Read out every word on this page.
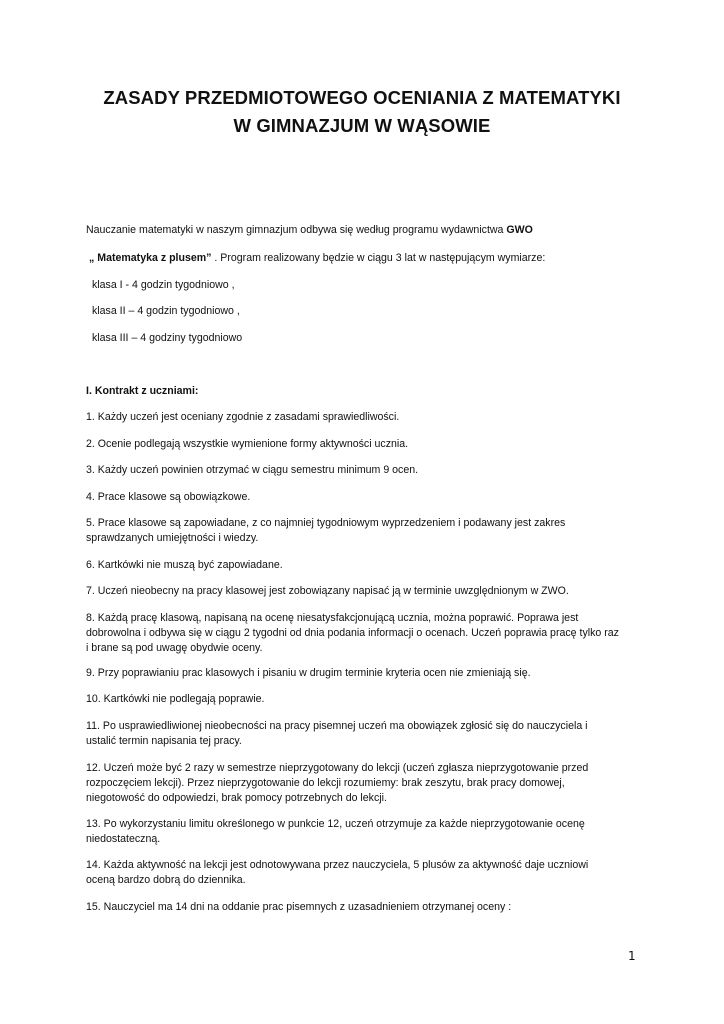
ZASADY PRZEDMIOTOWEGO OCENIANIA Z MATEMATYKI
W GIMNAZJUM W WĄSOWIE
Nauczanie matematyki w naszym gimnazjum odbywa się według programu wydawnictwa GWO
„ Matematyka z plusem” . Program realizowany będzie w ciągu 3 lat w następującym wymiarze:
klasa I - 4 godzin tygodniowo ,
klasa II – 4 godzin tygodniowo ,
klasa III – 4 godziny tygodniowo
I. Kontrakt z uczniami:
1. Każdy uczeń jest oceniany zgodnie z zasadami sprawiedliwości.
2. Ocenie podlegają wszystkie wymienione formy aktywności ucznia.
3. Każdy uczeń powinien otrzymać w ciągu semestru minimum 9 ocen.
4. Prace klasowe są obowiązkowe.
5. Prace klasowe są zapowiadane, z co najmniej tygodniowym wyprzedzeniem i podawany jest zakres
sprawdzanych umiejętności i wiedzy.
6. Kartkówki nie muszą być zapowiadane.
7. Uczeń nieobecny na pracy klasowej jest zobowiązany napisać ją w terminie uwzględnionym w ZWO.
8. Każdą pracę klasową, napisaną na ocenę niesatysfakcjonującą ucznia, można poprawić. Poprawa jest
dobrowolna i odbywa się w ciągu 2 tygodni od dnia podania informacji o ocenach. Uczeń poprawia pracę tylko raz
i brane są pod uwagę obydwie oceny.
9. Przy poprawianiu prac klasowych i pisaniu w drugim terminie kryteria ocen nie zmieniają się.
10. Kartkówki nie podlegają poprawie.
11. Po usprawiedliwionej nieobecności na pracy pisemnej uczeń ma obowiązek zgłosić się do nauczyciela i
ustalić termin napisania tej pracy.
12. Uczeń może być 2 razy w semestrze nieprzygotowany do lekcji (uczeń zgłasza nieprzygotowanie przed
rozpoczęciem lekcji). Przez nieprzygotowanie do lekcji rozumiemy: brak zeszytu, brak pracy domowej,
niegotowość do odpowiedzi, brak pomocy potrzebnych do lekcji.
13. Po wykorzystaniu limitu określonego w punkcie 12, uczeń otrzymuje za każde nieprzygotowanie ocenę
niedostateczną.
14. Każda aktywność na lekcji jest odnotowywana przez nauczyciela, 5 plusów za aktywność daje uczniowi
oceną bardzo dobrą do dziennika.
15. Nauczyciel ma 14 dni na oddanie prac pisemnych z uzasadnieniem otrzymanej oceny :
1
